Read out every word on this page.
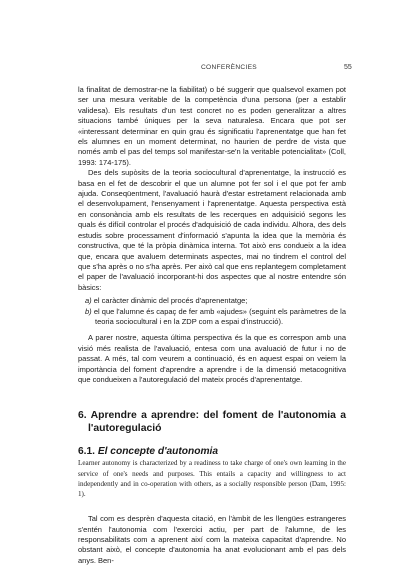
CONFERÈNCIES	55

la finalitat de demostrar-ne la fiabilitat) o bé suggerir que qualsevol examen pot ser una mesura veritable de la competència d'una persona (per a establir validesa). Els resultats d'un test concret no es poden generalitzar a altres situacions també úniques per la seva naturalesa. Encara que pot ser «interessant determinar en quin grau és significatiu l'aprenentatge que han fet els alumnes en un moment determinat, no haurien de perdre de vista que només amb el pas del temps sol manifestar-se'n la veritable potencialitat» (Coll, 1993: 174-175).

Des dels supòsits de la teoria sociocultural d'aprenentatge, la instrucció es basa en el fet de descobrir el que un alumne pot fer sol i el que pot fer amb ajuda. Conseqüentment, l'avaluació haurà d'estar estretament relacionada amb el desenvolupament, l'ensenyament i l'aprenentatge. Aquesta perspectiva està en consonància amb els resultats de les recerques en adquisició segons les quals és difícil controlar el procés d'adquisició de cada individu. Alhora, des dels estudis sobre processament d'informació s'apunta la idea que la memòria és constructiva, que té la pròpia dinàmica interna. Tot això ens condueix a la idea que, encara que avaluem determinats aspectes, mai no tindrem el control del que s'ha après o no s'ha après. Per això cal que ens replantegem completament el paper de l'avaluació incorporant-hi dos aspectes que al nostre entendre són bàsics:

a) el caràcter dinàmic del procés d'aprenentatge;

b) el que l'alumne és capaç de fer amb «ajudes» (seguint els paràmetres de la teoria sociocultural i en la ZDP com a espai d'instrucció).

A parer nostre, aquesta última perspectiva és la que es correspon amb una visió més realista de l'avaluació, entesa com una avaluació de futur i no de passat. A més, tal com veurem a continuació, és en aquest espai on veiem la importància del foment d'aprendre a aprendre i de la dimensió metacognitiva que condueixen a l'autoregulació del mateix procés d'aprenentatge.

6. Aprendre a aprendre: del foment de l'autonomia a l'autoregulació
6.1. El concepte d'autonomia

Learner autonomy is characterized by a readiness to take charge of one's own learning in the service of one's needs and purposes. This entails a capacity and willingness to act independently and in co-operation with others, as a socially responsible person (Dam, 1995: 1).

Tal com es desprèn d'aquesta citació, en l'àmbit de les llengües estrangeres s'entén l'autonomia com l'exercici actiu, per part de l'alumne, de les responsabilitats com a aprenent així com la mateixa capacitat d'aprendre. No obstant això, el concepte d'autonomia ha anat evolucionant amb el pas dels anys. Ben-
